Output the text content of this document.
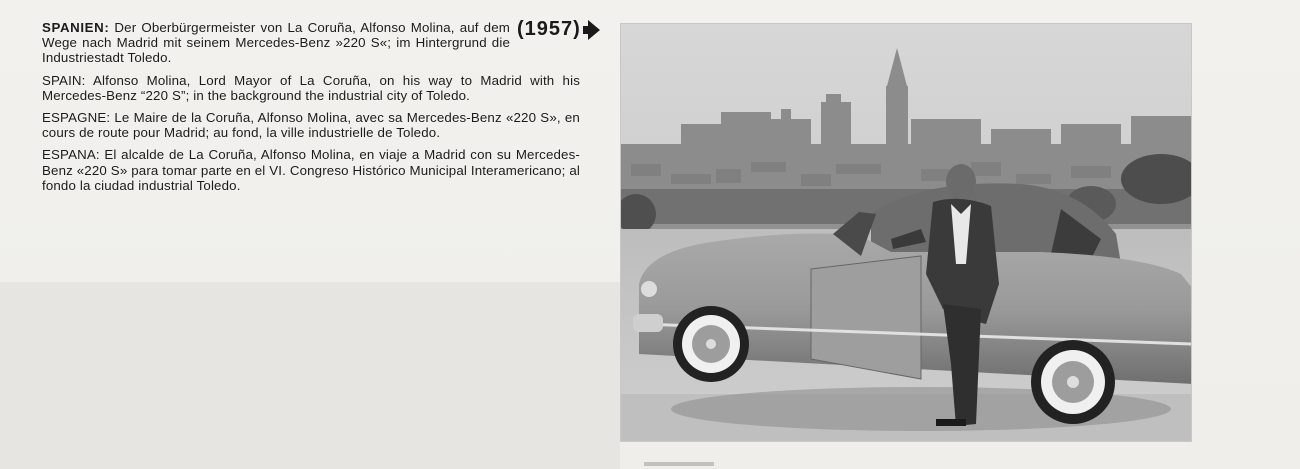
SPANIEN: Der Oberbürgermeister von La Coruña, Alfonso Molina, auf dem Wege nach Madrid mit seinem Mercedes-Benz »220 S«; im Hintergrund die Industriestadt Toledo.

SPAIN: Alfonso Molina, Lord Mayor of La Coruña, on his way to Madrid with his Mercedes-Benz “220 S”; in the background the industrial city of Toledo.

ESPAGNE: Le Maire de la Coruña, Alfonso Molina, avec sa Mercedes-Benz «220 S», en cours de route pour Madrid; au fond, la ville industrielle de Toledo.

ESPANA: El alcalde de La Coruña, Alfonso Molina, en viaje a Madrid con su Mercedes-Benz «220 S» para tomar parte en el VI. Congreso Histórico Municipal Interamericano; al fondo la ciudad industrial Toledo.

(1957)
